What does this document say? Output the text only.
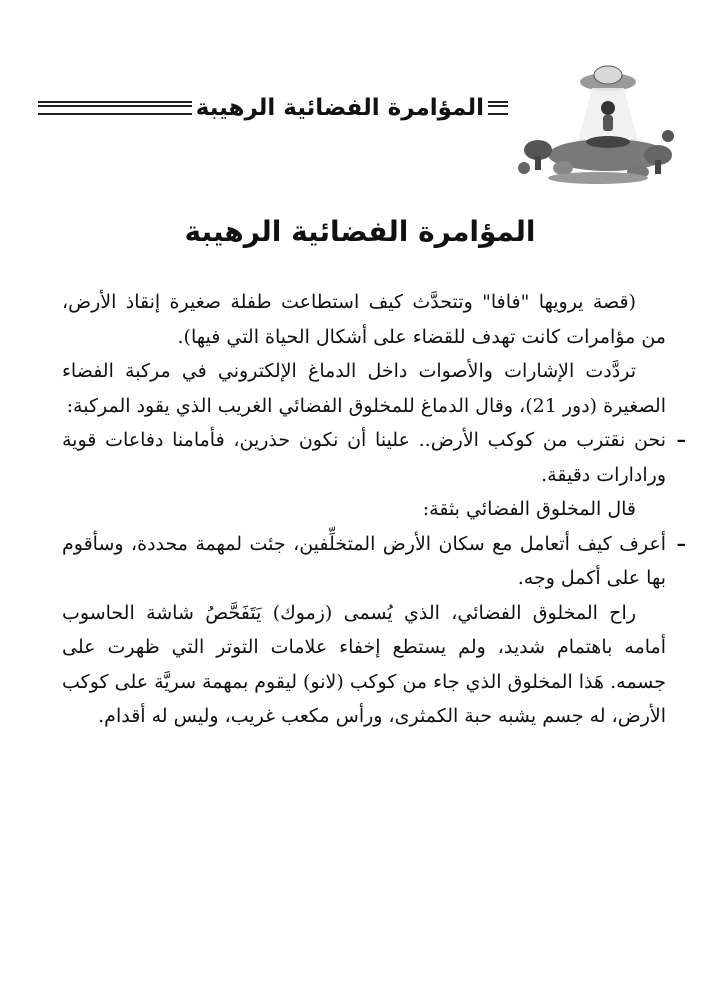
المؤامرة الفضائية الرهيبة
المؤامرة الفضائية الرهيبة

(قصة يرويها "فافا" وتتحدَّث كيف استطاعت طفلة صغيرة إنقاذ الأرض، من مؤامرات كانت تهدف للقضاء على أشكال الحياة التي فيها).

تردَّدت الإشارات والأصوات داخل الدماغ الإلكتروني في مركبة الفضاء الصغيرة (دور 21)، وقال الدماغ للمخلوق الفضائي الغريب الذي يقود المركبة:

–

نحن نقترب من كوكب الأرض.. علينا أن نكون حذرين، فأمامنا دفاعات قوية ورادارات دقيقة.

قال المخلوق الفضائي بثقة:

–

أعرف كيف أتعامل مع سكان الأرض المتخلِّفين، جئت لمهمة محددة، وسأقوم بها على أكمل وجه.

راح المخلوق الفضائي، الذي يُسمى (زموك) يَتَفَحَّصُ شاشة الحاسوب أمامه باهتمام شديد، ولم يستطع إخفاء علامات التوتر التي ظهرت على جسمه. هَذا المخلوق الذي جاء من كوكب (لانو) ليقوم بمهمة سريَّة على كوكب الأرض، له جسم يشبه حبة الكمثرى، ورأس مكعب غريب، وليس له أقدام.
